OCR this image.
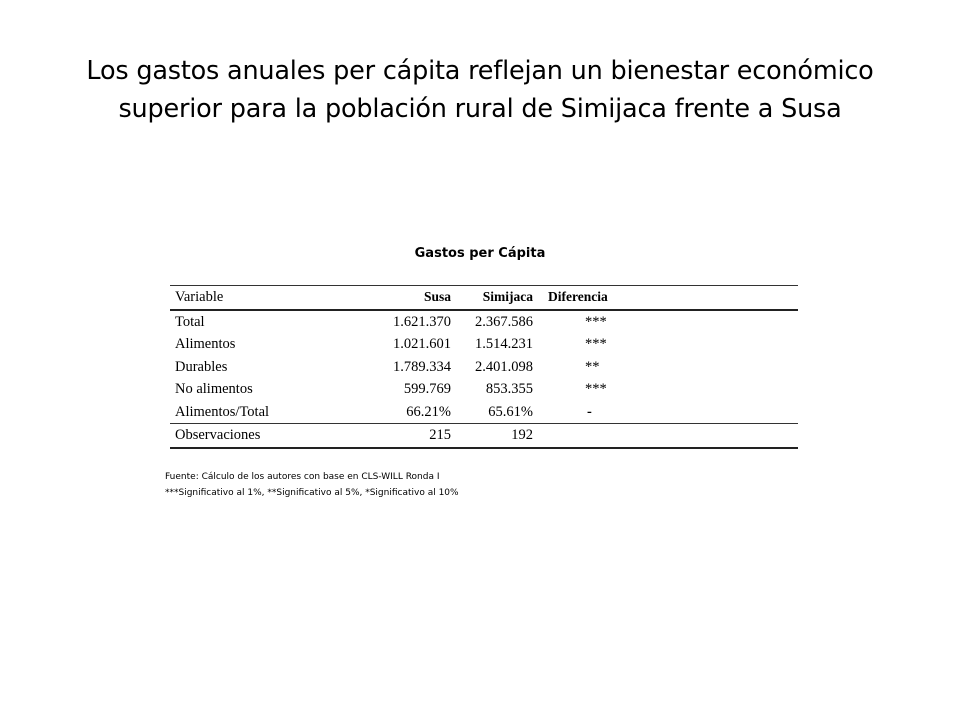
Los gastos anuales per cápita reflejan un bienestar económico
superior para la población rural de Simijaca frente a Susa
Gastos per Cápita
Variable	Susa	Simijaca	Diferencia
Total	1.621.370	2.367.586	***
Alimentos	1.021.601	1.514.231	***
Durables	1.789.334	2.401.098	**
No alimentos	599.769	853.355	***
Alimentos/Total	66.21%	65.61%	-
Observaciones	215	192	
Fuente: Cálculo de los autores con base en CLS-WILL Ronda I
***Significativo al 1%, **Significativo al 5%, *Significativo al 10%
